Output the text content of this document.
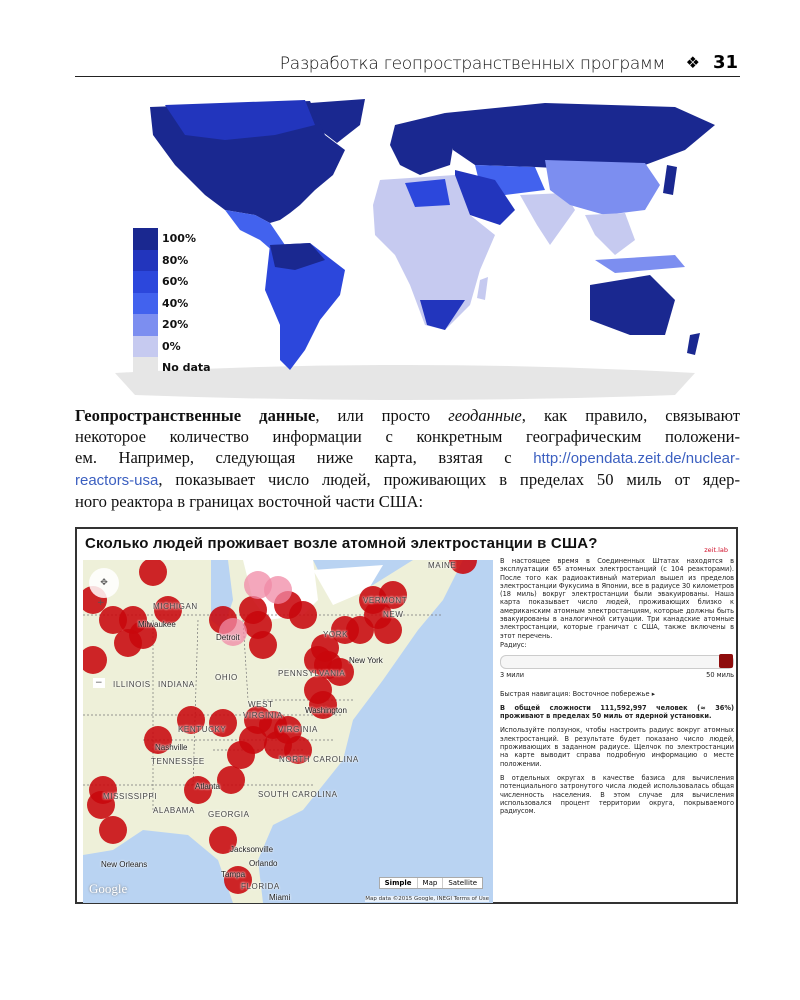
Разработка геопространственных программ ❖ 31
100%
80%
60%
40%
20%
0%
No data
Геопространственные данные, или просто геоданные, как правило, связывают
некоторое количество информации с конкретным географическим положени-
ем. Например, следующая ниже карта, взятая с http://opendata.zeit.de/nuclear-
reactors-usa, показывает число людей, проживающих в пределах 50 миль от ядер-
ного реактора в границах восточной части США:
Сколько людей проживает возле атомной электростанции в США?
MICHIGAN
VERMONT
NEW
YORK
OHIO
INDIANA
ILLINOIS
PENNSYLVANIA
WEST
VIRGINIA
KENTUCKY	VIRGINIA
TENNESSEE	NORTH CAROLINA
SOUTH CAROLINA
MISSISSIPPI
ALABAMA GEORGIA
FLORIDA
MAINE
Milwaukee
Detroit
Nashville
Atlanta
Jacksonville
Orlando
Tampa
New Orleans
Miami
Washington
New York
✥
+
−
Google	Simple	Map	Satellite
Map data ©2015 Google, INEGI Terms of Use
zeit.lab

В настоящее время в Соединенных Штатах находятся в эксплуатации 65 атомных электростанций (с 104 реакторами). После того как радиоактивный материал вышел из пределов электростанции Фукусима в Японии, все в радиусе 30 километров (18 миль) вокруг электростанции были эвакуированы. Наша карта показывает число людей, проживающих близко к американским атомным электростанциям, которые должны быть эвакуированы в аналогичной ситуации. Три канадские атомные электростанции, которые граничат с США, также включены в этот перечень.

Радиус:
3 мили	50 миль

Быстрая навигация: Восточное побережье ▸

В общей сложности 111,592,997 человек (≈ 36%) проживают в пределах 50 миль от ядерной установки.

Используйте ползунок, чтобы настроить радиус вокруг атомных электростанций. В результате будет показано число людей, проживающих в заданном радиусе. Щелчок по электростанции на карте выводит справа подробную информацию о месте положении.

В отдельных округах в качестве базиса для вычисления потенциального затронутого числа людей использовалась общая численность населения. В этом случае для вычисления использовался процент территории округа, покрываемого радиусом.
